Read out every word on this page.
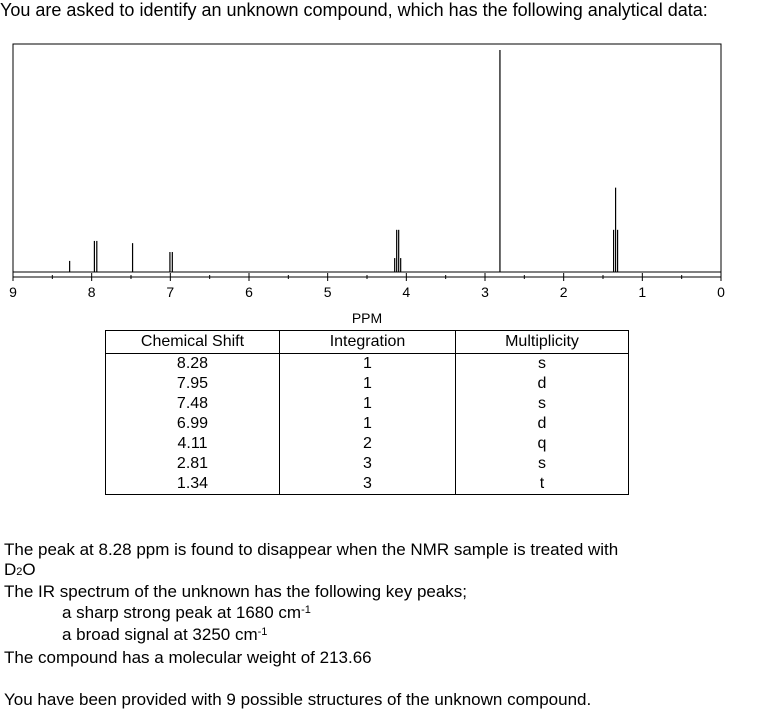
You are asked to identify an unknown compound, which has the following analytical data:
9	8	7	6	5	4	3	2	1	0
PPM
Chemical Shift	Integration	Multiplicity
8.28	1	s
7.95	1	d
7.48	1	s
6.99	1	d
4.11	2	q
2.81	3	s
1.34	3	t
The peak at 8.28 ppm is found to disappear when the NMR sample is treated with
D2O
The IR spectrum of the unknown has the following key peaks;
a sharp strong peak at 1680 $cm^{-1}$
a broad signal at 3250 $cm^{-1}$
The compound has a molecular weight of 213.66
You have been provided with 9 possible structures of the unknown compound.
